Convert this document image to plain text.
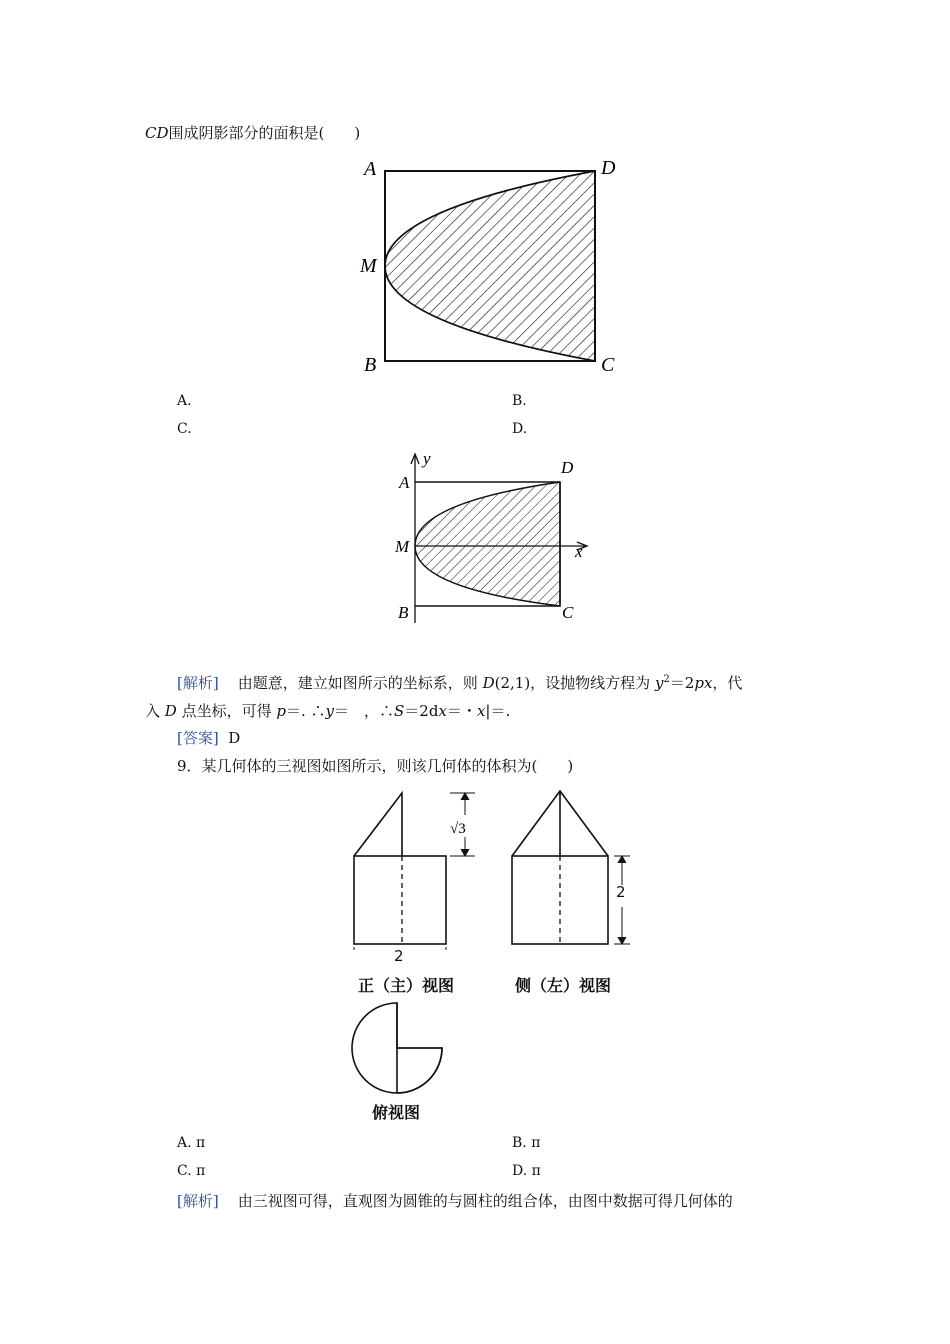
CD围成阴影部分的面积是(　　)
A	D
M
B	C
A.	B.
C.	D.
y
x
A
D
M
B	C
[解析] 由题意，建立如图所示的坐标系，则 D(2,1)，设抛物线方程为 $y^2=2px$，代
入 D 点坐标，可得 p＝. ∴y＝　，∴S＝2dx＝・x|＝.
[答案] D
9．某几何体的三视图如图所示，则该几何体的体积为(　　)
√3
2
2
正（主）视图	侧（左）视图
俯视图
A. π	B. π
C. π	D. π
[解析] 由三视图可得，直观图为圆锥的与圆柱的组合体，由图中数据可得几何体的
